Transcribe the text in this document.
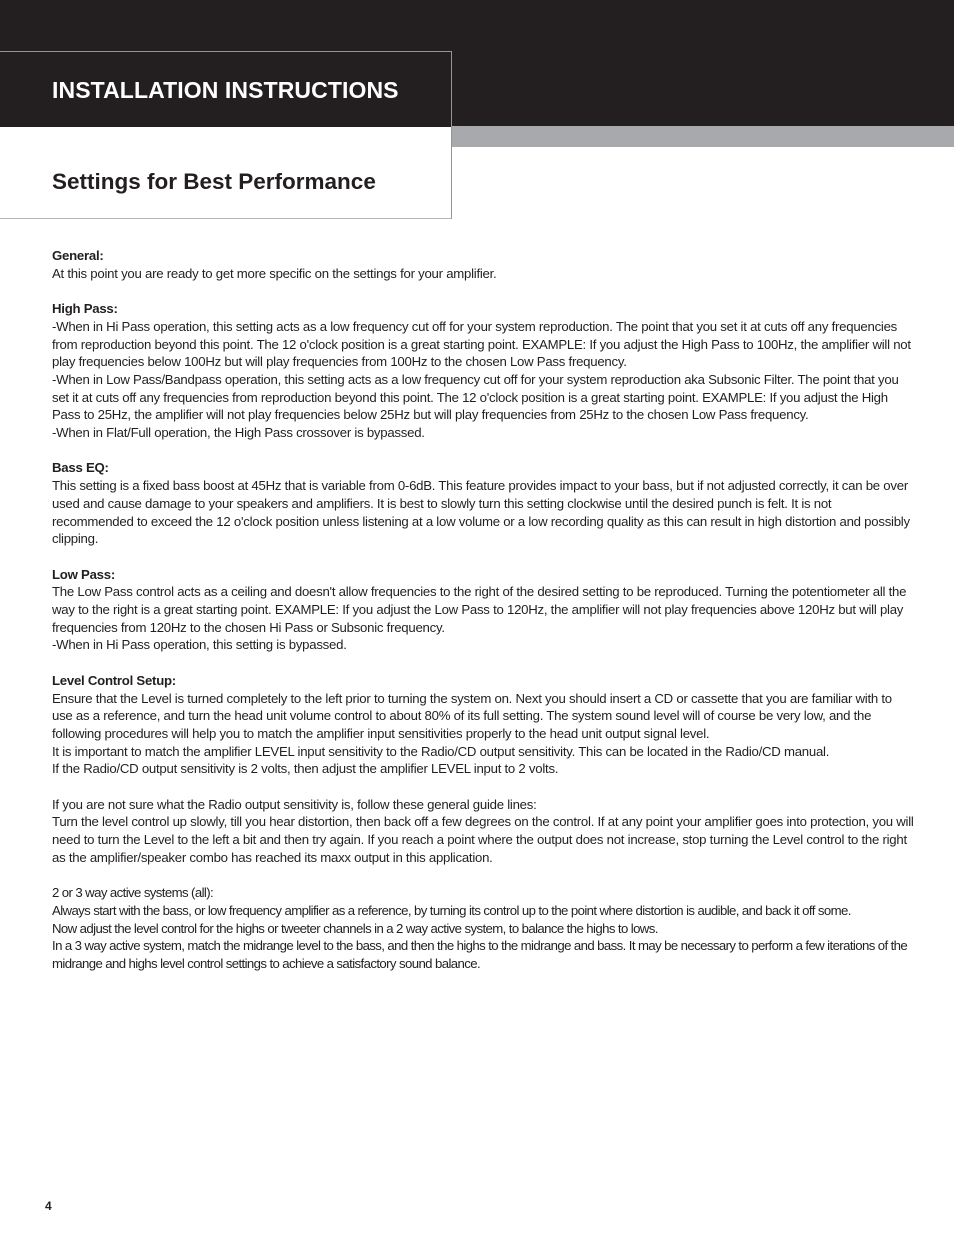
INSTALLATION INSTRUCTIONS
Settings for Best Performance
General:
At this point you are ready to get more specific on the settings for your amplifier.
High Pass:
-When in Hi Pass operation, this setting acts as a low frequency cut off for your system reproduction. The point that you set it at cuts off any frequencies from reproduction beyond this point. The 12 o'clock position is a great starting point. EXAMPLE: If you adjust the High Pass to 100Hz, the amplifier will not play frequencies below 100Hz but will play frequencies from 100Hz to the chosen Low Pass frequency.
-When in Low Pass/Bandpass operation, this setting acts as a low frequency cut off for your system reproduction aka Subsonic Filter. The point that you set it at cuts off any frequencies from reproduction beyond this point. The 12 o'clock position is a great starting point. EXAMPLE: If you adjust the High Pass to 25Hz, the amplifier will not play frequencies below 25Hz but will play frequencies from 25Hz to the chosen Low Pass frequency.
-When in Flat/Full operation, the High Pass crossover is bypassed.
Bass EQ:
This setting is a fixed bass boost at 45Hz that is variable from 0-6dB. This feature provides impact to your bass, but if not adjusted correctly, it can be over used and cause damage to your speakers and amplifiers. It is best to slowly turn this setting clockwise until the desired punch is felt. It is not recommended to exceed the 12 o'clock position unless listening at a low volume or a low recording quality as this can result in high distortion and possibly clipping.
Low Pass:
The Low Pass control acts as a ceiling and doesn't allow frequencies to the right of the desired setting to be reproduced. Turning the potentiometer all the way to the right is a great starting point. EXAMPLE: If you adjust the Low Pass to 120Hz, the amplifier will not play frequencies above 120Hz but will play frequencies from 120Hz to the chosen Hi Pass or Subsonic frequency.
-When in Hi Pass operation, this setting is bypassed.
Level Control Setup:
Ensure that the Level is turned completely to the left prior to turning the system on. Next you should insert a CD or cassette that you are familiar with to use as a reference, and turn the head unit volume control to about 80% of its full setting. The system sound level will of course be very low, and the following procedures will help you to match the amplifier input sensitivities properly to the head unit output signal level.
It is important to match the amplifier LEVEL input sensitivity to the Radio/CD output sensitivity. This can be located in the Radio/CD manual.
If the Radio/CD output sensitivity is 2 volts, then adjust the amplifier LEVEL input to 2 volts.
If you are not sure what the Radio output sensitivity is, follow these general guide lines:
Turn the level control up slowly, till you hear distortion, then back off a few degrees on the control. If at any point your amplifier goes into protection, you will need to turn the Level to the left a bit and then try again. If you reach a point where the output does not increase, stop turning the Level control to the right as the amplifier/speaker combo has reached its maxx output in this application.
2 or 3 way active systems (all):
Always start with the bass, or low frequency amplifier as a reference, by turning its control up to the point where distortion is audible, and back it off some.
Now adjust the level control for the highs or tweeter channels in a 2 way active system, to balance the highs to lows.
In a 3 way active system, match the midrange level to the bass, and then the highs to the midrange and bass. It may be necessary to perform a few iterations of the midrange and highs level control settings to achieve a satisfactory sound balance.
4
